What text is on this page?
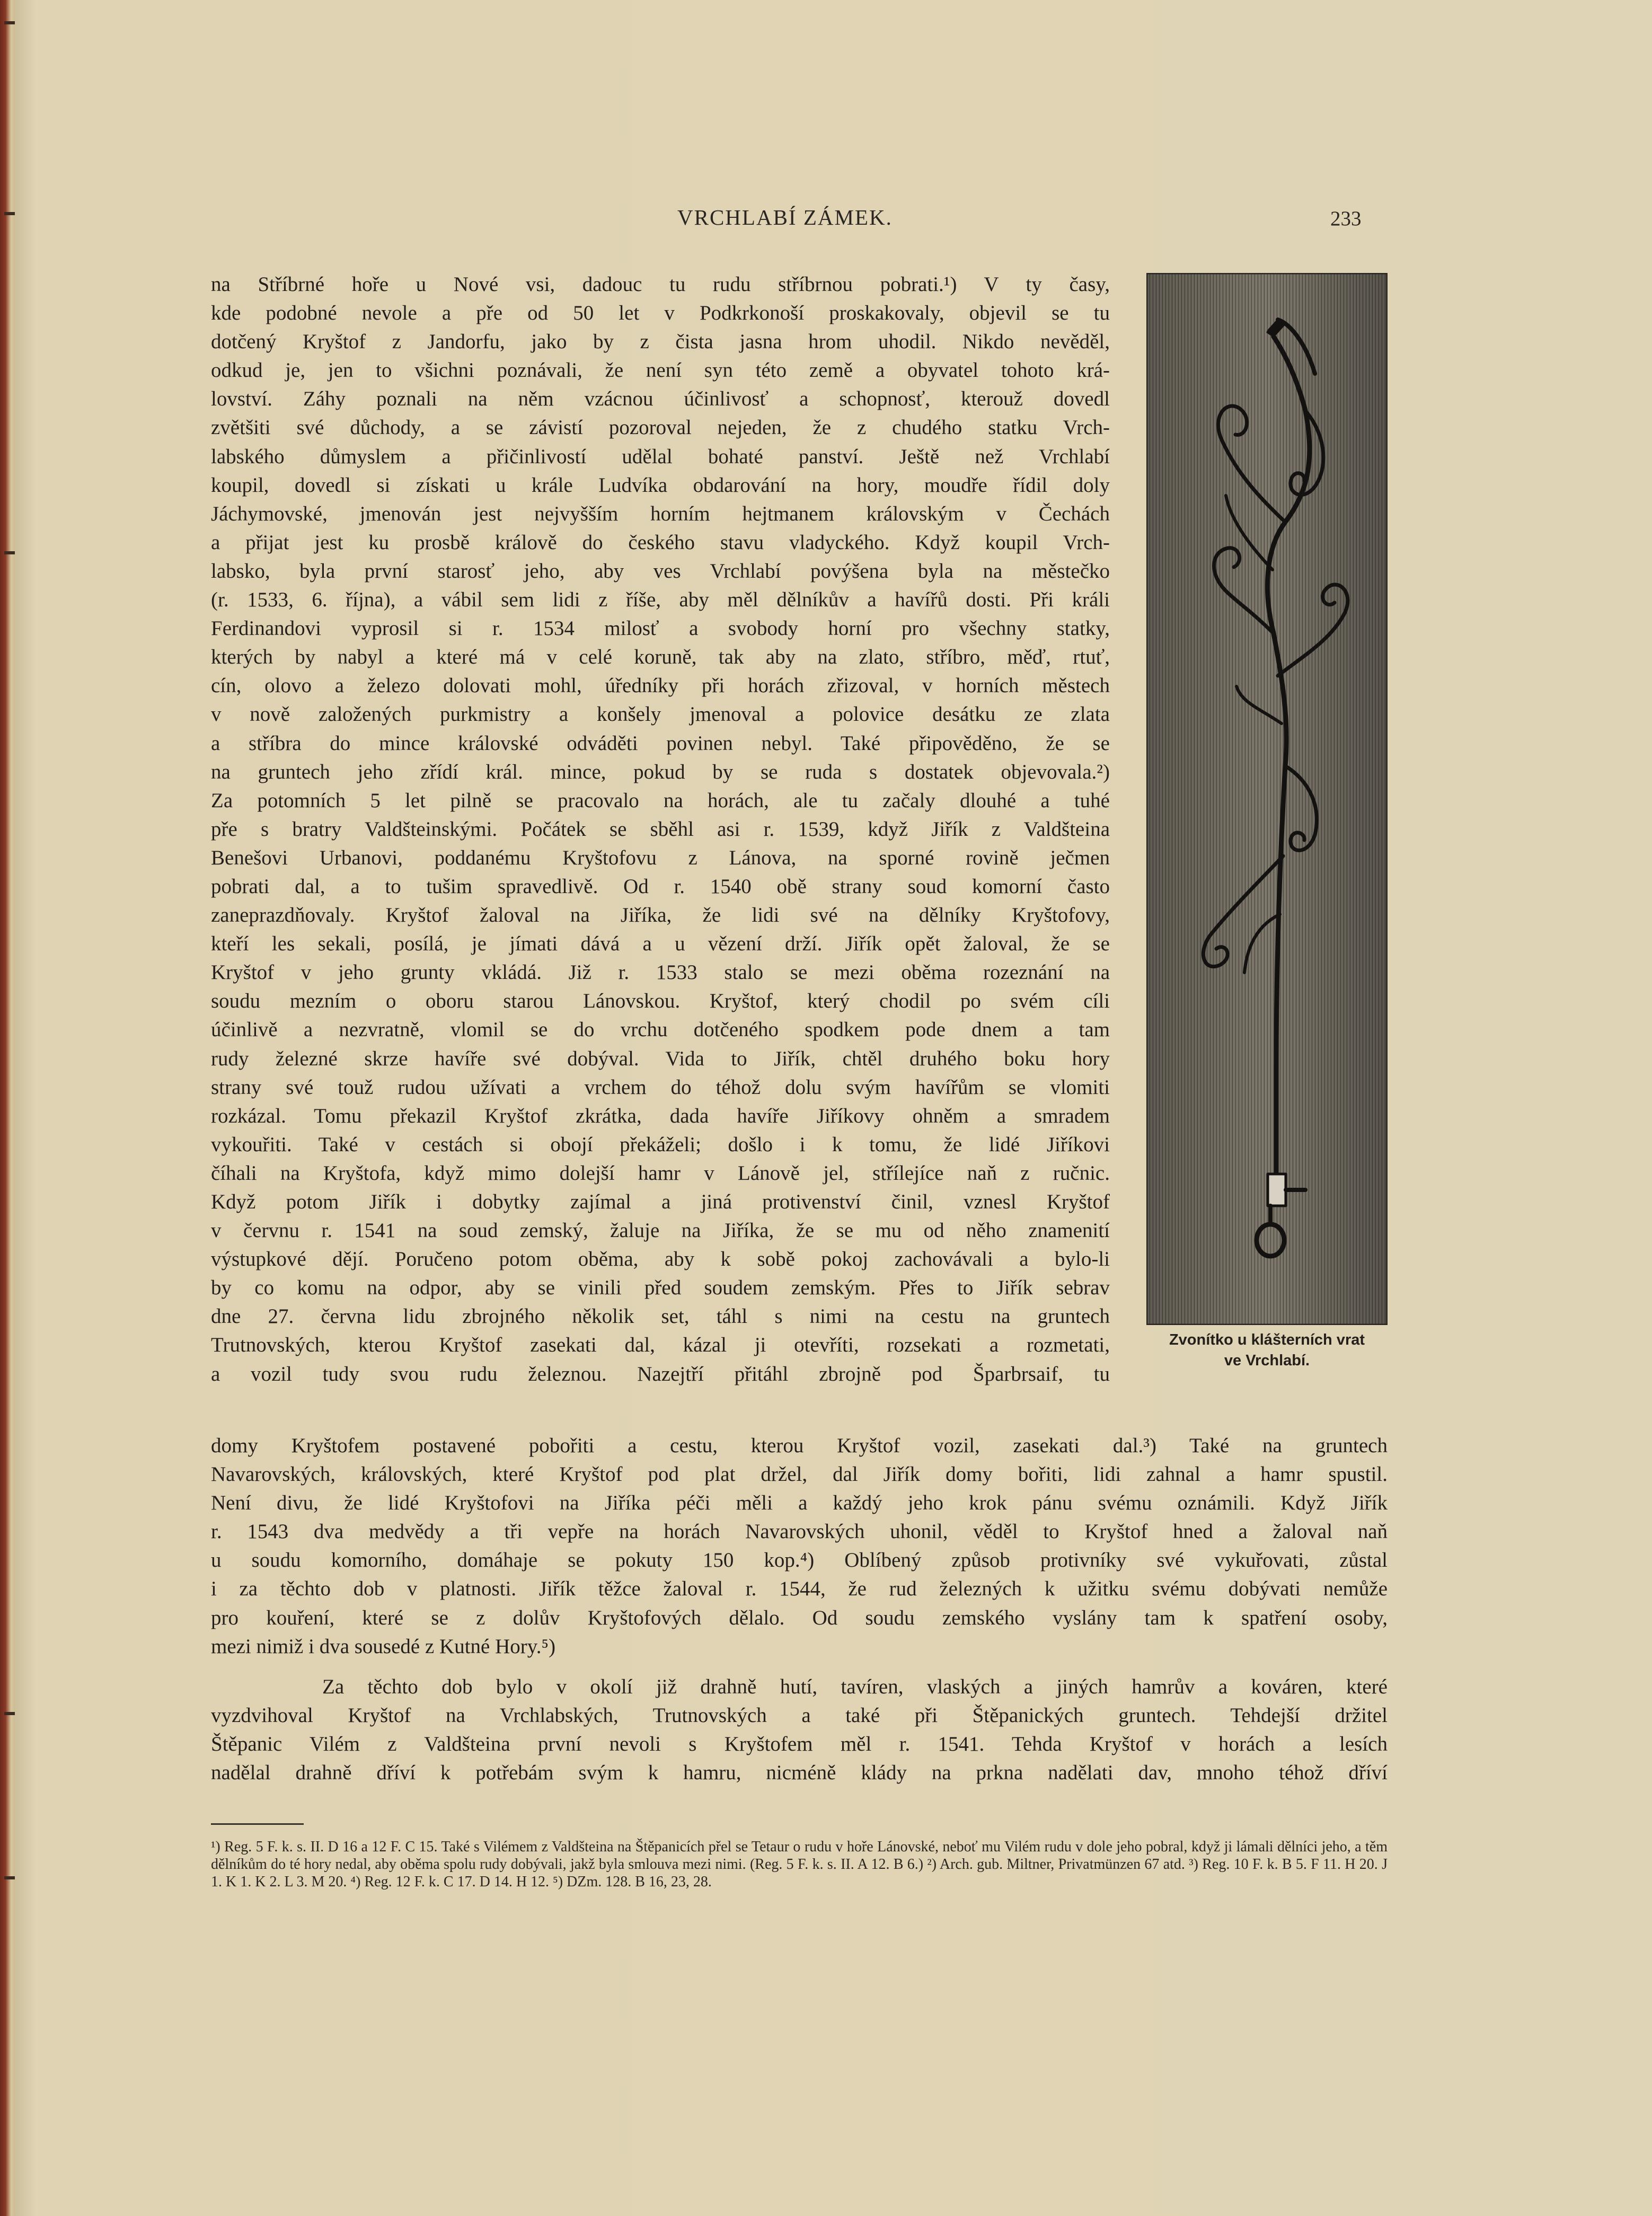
VRCHLABÍ ZÁMEK.	233
na Stříbrné hoře u Nové vsi, dadouc tu rudu stříbrnou pobrati.¹) V ty časy,
kde podobné nevole a pře od 50 let v Podkrkonoší proskakovaly, objevil se tu
dotčený Kryštof z Jandorfu, jako by z čista jasna hrom uhodil. Nikdo nevěděl,
odkud je, jen to všichni poznávali, že není syn této země a obyvatel tohoto krá-
lovství. Záhy poznali na něm vzácnou účinlivosť a schopnosť, kterouž dovedl
zvětšiti své důchody, a se závistí pozoroval nejeden, že z chudého statku Vrch-
labského důmyslem a přičinlivostí udělal bohaté panství. Ještě než Vrchlabí
koupil, dovedl si získati u krále Ludvíka obdarování na hory, moudře řídil doly
Jáchymovské, jmenován jest nejvyšším horním hejtmanem královským v Čechách
a přijat jest ku prosbě králově do českého stavu vladyckého. Když koupil Vrch-
labsko, byla první starosť jeho, aby ves Vrchlabí povýšena byla na městečko
(r. 1533, 6. října), a vábil sem lidi z říše, aby měl dělníkův a havířů dosti. Při králi
Ferdinandovi vyprosil si r. 1534 milosť a svobody horní pro všechny statky,
kterých by nabyl a které má v celé koruně, tak aby na zlato, stříbro, měď, rtuť,
cín, olovo a železo dolovati mohl, úředníky při horách zřizoval, v horních městech
v nově založených purkmistry a konšely jmenoval a polovice desátku ze zlata
a stříbra do mince královské odváděti povinen nebyl. Také připověděno, že se
na gruntech jeho zřídí král. mince, pokud by se ruda s dostatek objevovala.²)
Za potomních 5 let pilně se pracovalo na horách, ale tu začaly dlouhé a tuhé
pře s bratry Valdšteinskými. Počátek se sběhl asi r. 1539, když Jiřík z Valdšteina
Benešovi Urbanovi, poddanému Kryštofovu z Lánova, na sporné rovině ječmen
pobrati dal, a to tušim spravedlivě. Od r. 1540 obě strany soud komorní často
zaneprazdňovaly. Kryštof žaloval na Jiříka, že lidi své na dělníky Kryštofovy,
kteří les sekali, posílá, je jímati dává a u vězení drží. Jiřík opět žaloval, že se
Kryštof v jeho grunty vkládá. Již r. 1533 stalo se mezi oběma rozeznání na
soudu mezním o oboru starou Lánovskou. Kryštof, který chodil po svém cíli
účinlivě a nezvratně, vlomil se do vrchu dotčeného spodkem pode dnem a tam
rudy železné skrze havíře své dobýval. Vida to Jiřík, chtěl druhého boku hory
strany své touž rudou užívati a vrchem do téhož dolu svým havířům se vlomiti
rozkázal. Tomu překazil Kryštof zkrátka, dada havíře Jiříkovy ohněm a smradem
vykouřiti. Také v cestách si obojí překáželi; došlo i k tomu, že lidé Jiříkovi
číhali na Kryštofa, když mimo dolejší hamr v Lánově jel, střílejíce naň z ručnic.
Když potom Jiřík i dobytky zajímal a jiná protivenství činil, vznesl Kryštof
v červnu r. 1541 na soud zemský, žaluje na Jiříka, že se mu od něho znamenití
výstupkové dějí. Poručeno potom oběma, aby k sobě pokoj zachovávali a bylo-li
by co komu na odpor, aby se vinili před soudem zemským. Přes to Jiřík sebrav
dne 27. června lidu zbrojného několik set, táhl s nimi na cestu na gruntech
Trutnovských, kterou Kryštof zasekati dal, kázal ji otevříti, rozsekati a rozmetati,
a vozil tudy svou rudu železnou. Nazejtří přitáhl zbrojně pod Šparbrsaif, tu
Zvonítko u klášterních vrat
ve Vrchlabí.
domy Kryštofem postavené pobořiti a cestu, kterou Kryštof vozil, zasekati dal.³) Také na gruntech
Navarovských, královských, které Kryštof pod plat držel, dal Jiřík domy bořiti, lidi zahnal a hamr spustil.
Není divu, že lidé Kryštofovi na Jiříka péči měli a každý jeho krok pánu svému oznámili. Když Jiřík
r. 1543 dva medvědy a tři vepře na horách Navarovských uhonil, věděl to Kryštof hned a žaloval naň
u soudu komorního, domáhaje se pokuty 150 kop.⁴) Oblíbený způsob protivníky své vykuřovati, zůstal
i za těchto dob v platnosti. Jiřík těžce žaloval r. 1544, že rud železných k užitku svému dobývati nemůže
pro kouření, které se z dolův Kryštofových dělalo. Od soudu zemského vyslány tam k spatření osoby,
mezi nimiž i dva sousedé z Kutné Hory.⁵)
Za těchto dob bylo v okolí již drahně hutí, tavíren, vlaských a jiných hamrův a kováren, které
vyzdvihoval Kryštof na Vrchlabských, Trutnovských a také při Štěpanických gruntech. Tehdejší držitel
Štěpanic Vilém z Valdšteina první nevoli s Kryštofem měl r. 1541. Tehda Kryštof v horách a lesích
nadělal drahně dříví k potřebám svým k hamru, nicméně klády na prkna nadělati dav, mnoho téhož dříví

¹) Reg. 5 F. k. s. II. D 16 a 12 F. C 15. Také s Vilémem z Valdšteina na Štěpanicích přel se Tetaur o rudu v hoře Lánovské, neboť mu Vilém rudu v dole jeho pobral, když ji lámali dělníci jeho, a těm dělníkům do té hory nedal, aby oběma spolu rudy dobývali, jakž byla smlouva mezi nimi. (Reg. 5 F. k. s. II. A 12. B 6.) ²) Arch. gub. Miltner, Privatmünzen 67 atd. ³) Reg. 10 F. k. B 5. F 11. H 20. J 1. K 1. K 2. L 3. M 20. ⁴) Reg. 12 F. k. C 17. D 14. H 12. ⁵) DZm. 128. B 16, 23, 28.
